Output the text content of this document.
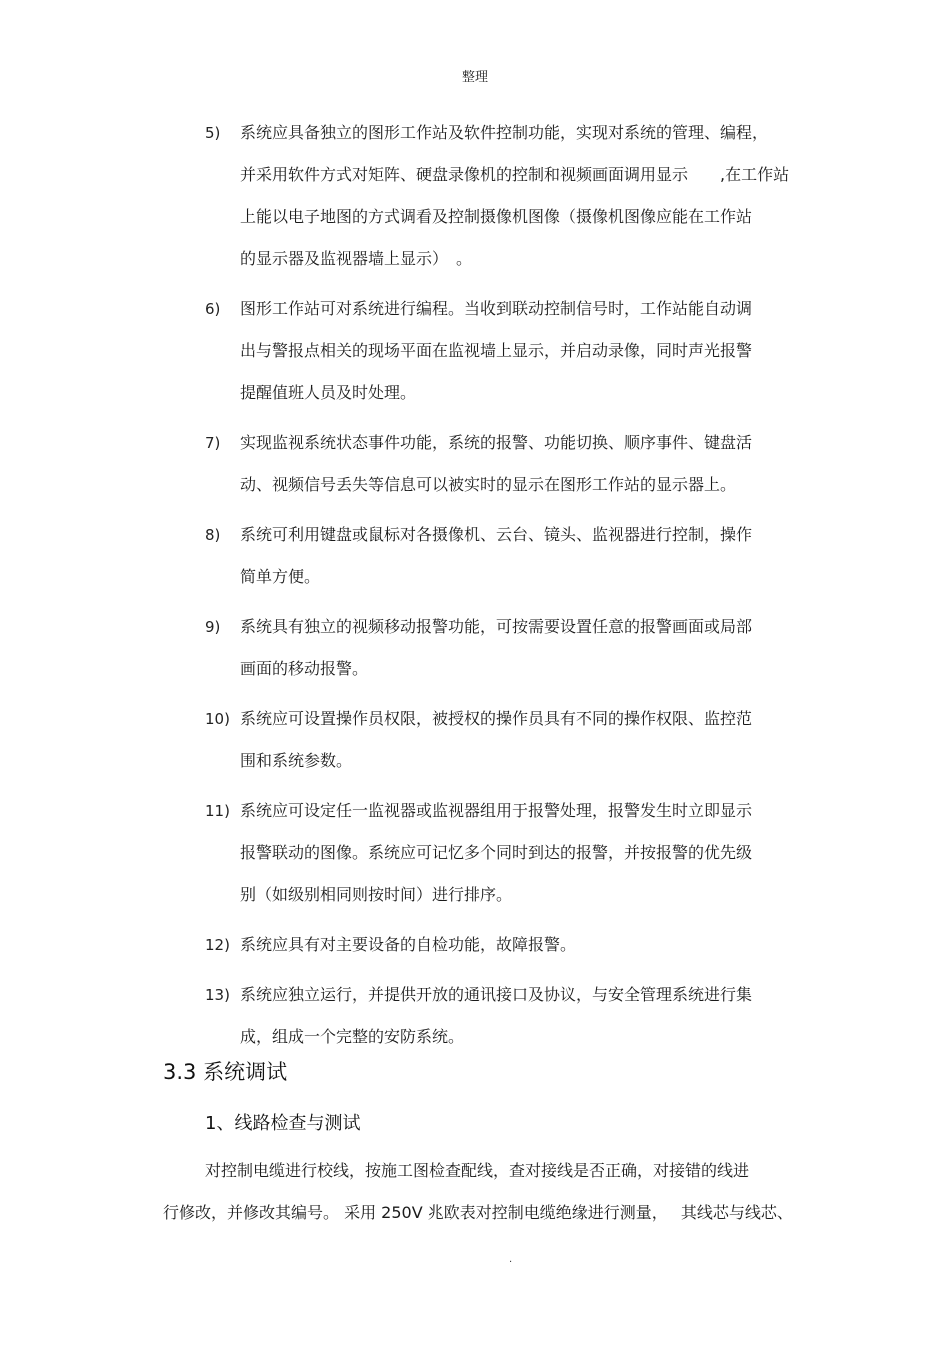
整理
5) 系统应具备独立的图形工作站及软件控制功能，实现对系统的管理、编程，
并采用软件方式对矩阵、硬盘录像机的控制和视频画面调用显示　　,在工作站
上能以电子地图的方式调看及控制摄像机图像（摄像机图像应能在工作站
的显示器及监视器墙上显示）　。
6) 图形工作站可对系统进行编程。当收到联动控制信号时，工作站能自动调
出与警报点相关的现场平面在监视墙上显示，并启动录像，同时声光报警
提醒值班人员及时处理。
7) 实现监视系统状态事件功能，系统的报警、功能切换、顺序事件、键盘活
动、视频信号丢失等信息可以被实时的显示在图形工作站的显示器上。
8) 系统可利用键盘或鼠标对各摄像机、云台、镜头、监视器进行控制，操作
简单方便。
9) 系统具有独立的视频移动报警功能，可按需要设置任意的报警画面或局部
画面的移动报警。
10) 系统应可设置操作员权限，被授权的操作员具有不同的操作权限、监控范
围和系统参数。
11) 系统应可设定任一监视器或监视器组用于报警处理，报警发生时立即显示
报警联动的图像。系统应可记忆多个同时到达的报警，并按报警的优先级
别（如级别相同则按时间）进行排序。
12) 系统应具有对主要设备的自检功能，故障报警。
13) 系统应独立运行，并提供开放的通讯接口及协议，与安全管理系统进行集
成，组成一个完整的安防系统。
3.3 系统调试
1、线路检查与测试
对控制电缆进行校线，按施工图检查配线，查对接线是否正确，对接错的线进
行修改，并修改其编号。 采用 250V 兆欧表对控制电缆绝缘进行测量，　 其线芯与线芯、
.
